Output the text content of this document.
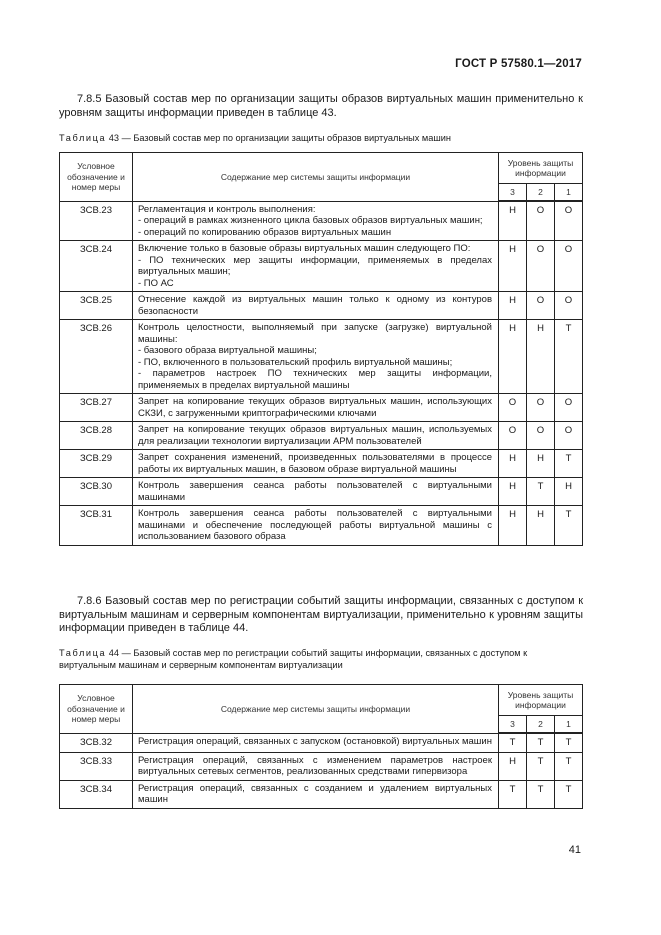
ГОСТ Р 57580.1—2017
7.8.5 Базовый состав мер по организации защиты образов виртуальных машин применительно к уровням защиты информации приведен в таблице 43.
Таблица 43 — Базовый состав мер по организации защиты образов виртуальных машин
Условное обозначение и номер меры	Содержание мер системы защиты информации	Уровень защиты информации		
		3	2	1
ЗСВ.23	Регламентация и контроль выполнения:
- операций в рамках жизненного цикла базовых образов виртуальных машин;
- операций по копированию образов виртуальных машин	Н	О	О
ЗСВ.24	Включение только в базовые образы виртуальных машин следующего ПО:
- ПО технических мер защиты информации, применяемых в пределах виртуальных машин;
- ПО АС	Н	О	О
ЗСВ.25	Отнесение каждой из виртуальных машин только к одному из контуров безопасности	Н	О	О
ЗСВ.26	Контроль целостности, выполняемый при запуске (загрузке) виртуальной машины:
- базового образа виртуальной машины;
- ПО, включенного в пользовательский профиль виртуальной машины;
- параметров настроек ПО технических мер защиты информации, применяемых в пределах виртуальной машины	Н	Н	Т
ЗСВ.27	Запрет на копирование текущих образов виртуальных машин, использующих СКЗИ, с загруженными криптографическими ключами	О	О	О
ЗСВ.28	Запрет на копирование текущих образов виртуальных машин, используемых для реализации технологии виртуализации АРМ пользователей	О	О	О
ЗСВ.29	Запрет сохранения изменений, произведенных пользователями в процессе работы их виртуальных машин, в базовом образе виртуальной машины	Н	Н	Т
ЗСВ.30	Контроль завершения сеанса работы пользователей с виртуальными машинами	Н	Т	Н
ЗСВ.31	Контроль завершения сеанса работы пользователей с виртуальными машинами и обеспечение последующей работы виртуальной машины с использованием базового образа	Н	Н	Т
7.8.6 Базовый состав мер по регистрации событий защиты информации, связанных с доступом к виртуальным машинам и серверным компонентам виртуализации, применительно к уровням защиты информации приведен в таблице 44.
Таблица 44 — Базовый состав мер по регистрации событий защиты информации, связанных с доступом к виртуальным машинам и серверным компонентам виртуализации
Условное обозначение и номер меры	Содержание мер системы защиты информации	Уровень защиты информации		
		3	2	1
ЗСВ.32	Регистрация операций, связанных с запуском (остановкой) виртуальных машин	Т	Т	Т
ЗСВ.33	Регистрация операций, связанных с изменением параметров настроек виртуальных сетевых сегментов, реализованных средствами гипервизора	Н	Т	Т
ЗСВ.34	Регистрация операций, связанных с созданием и удалением виртуальных машин	Т	Т	Т
41
